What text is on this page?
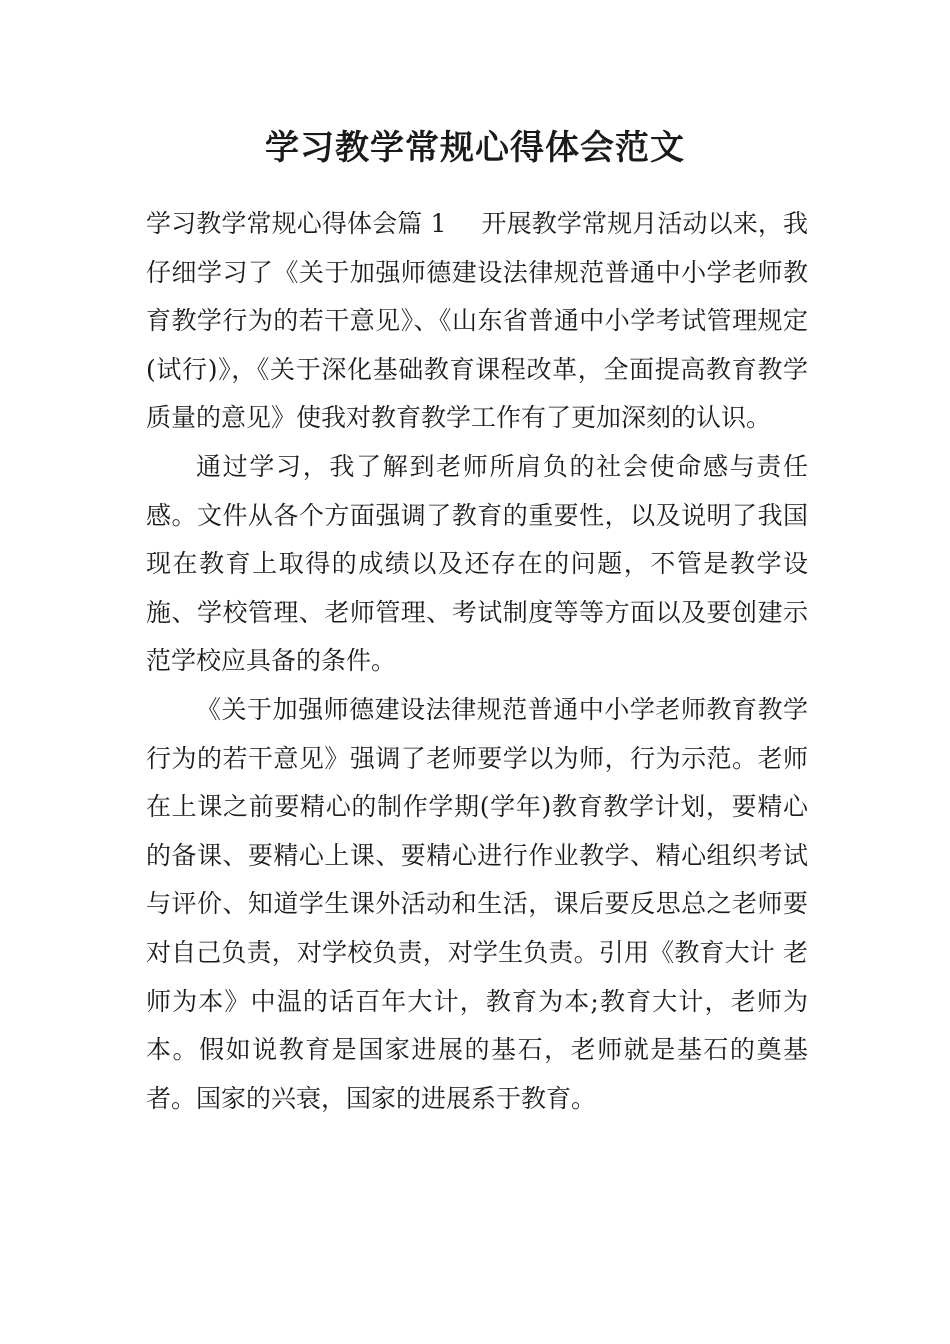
学习教学常规心得体会范文

学习教学常规心得体会篇 1 开展教学常规月活动以来，我仔细学习了《关于加强师德建设法律规范普通中小学老师教育教学行为的若干意见》、《山东省普通中小学考试管理规定(试行)》，《关于深化基础教育课程改革，全面提高教育教学质量的意见》使我对教育教学工作有了更加深刻的认识。

通过学习，我了解到老师所肩负的社会使命感与责任感。文件从各个方面强调了教育的重要性，以及说明了我国现在教育上取得的成绩以及还存在的问题，不管是教学设施、学校管理、老师管理、考试制度等等方面以及要创建示范学校应具备的条件。

《关于加强师德建设法律规范普通中小学老师教育教学行为的若干意见》强调了老师要学以为师，行为示范。老师在上课之前要精心的制作学期(学年)教育教学计划，要精心的备课、要精心上课、要精心进行作业教学、精心组织考试与评价、知道学生课外活动和生活，课后要反思总之老师要对自己负责，对学校负责，对学生负责。引用《教育大计 老师为本》中温的话百年大计，教育为本;教育大计，老师为本。假如说教育是国家进展的基石，老师就是基石的奠基者。国家的兴衰，国家的进展系于教育。
